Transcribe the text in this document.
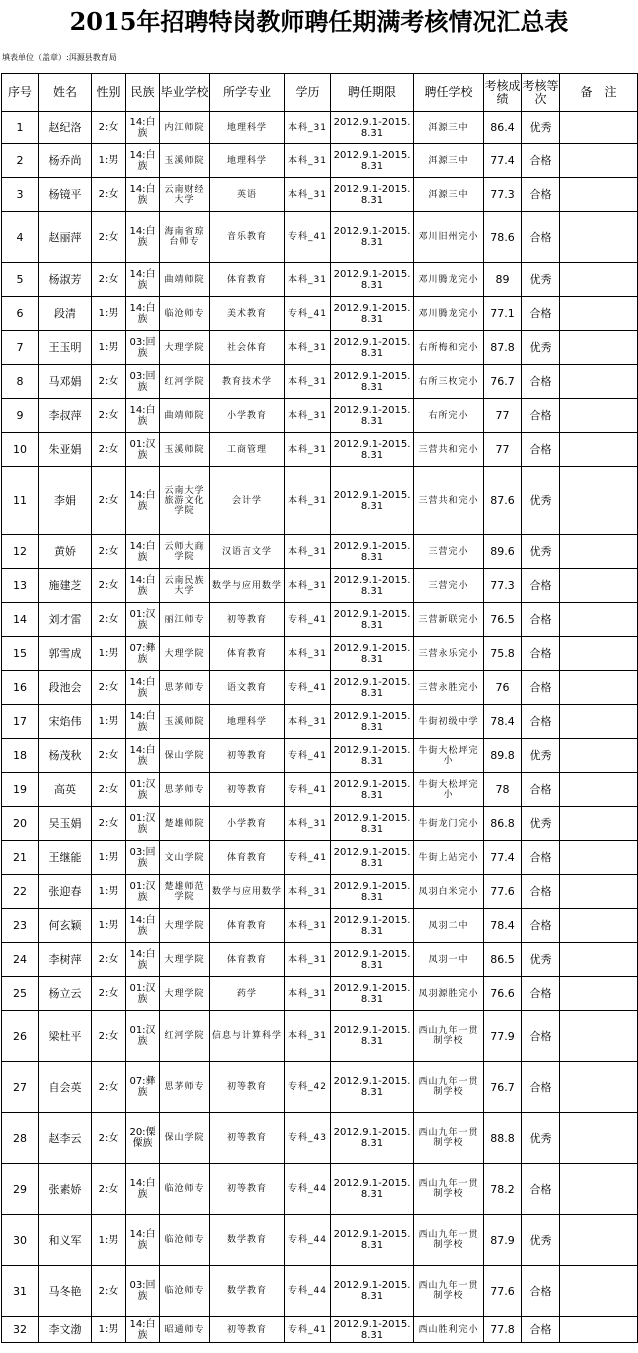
2015年招聘特岗教师聘任期满考核情况汇总表
填表单位（盖章）:洱源县教育局
序号	姓名	性别	民族	毕业学校	所学专业	学历	聘任期限	聘任学校	考核成绩	考核等次	备　注
1	赵纪洛	2:女	14:白族	内江师院	地理科学	本科_31	2012.9.1-2015.8.31	洱源三中	86.4	优秀	
2	杨乔尚	1:男	14:白族	玉溪师院	地理科学	本科_31	2012.9.1-2015.8.31	洱源三中	77.4	合格	
3	杨镜平	2:女	14:白族	云南财经大学	英语	本科_31	2012.9.1-2015.8.31	洱源三中	77.3	合格	
4	赵丽萍	2:女	14:白族	海南省琼台师专	音乐教育	专科_41	2012.9.1-2015.8.31	邓川旧州完小	78.6	合格	
5	杨淑芳	2:女	14:白族	曲靖师院	体育教育	本科_31	2012.9.1-2015.8.31	邓川腾龙完小	89	优秀	
6	段清	1:男	14:白族	临沧师专	美术教育	专科_41	2012.9.1-2015.8.31	邓川腾龙完小	77.1	合格	
7	王玉明	1:男	03:回族	大理学院	社会体育	本科_31	2012.9.1-2015.8.31	右所梅和完小	87.8	优秀	
8	马邓娟	2:女	03:回族	红河学院	教育技术学	本科_31	2012.9.1-2015.8.31	右所三枚完小	76.7	合格	
9	李叔萍	2:女	14:白族	曲靖师院	小学教育	本科_31	2012.9.1-2015.8.31	右所完小	77	合格	
10	朱亚娟	2:女	01:汉族	玉溪师院	工商管理	本科_31	2012.9.1-2015.8.31	三营共和完小	77	合格	
11	李娟	2:女	14:白族	云南大学旅游文化学院	会计学	本科_31	2012.9.1-2015.8.31	三营共和完小	87.6	优秀	
12	黄娇	2:女	14:白族	云师大商学院	汉语言文学	本科_31	2012.9.1-2015.8.31	三营完小	89.6	优秀	
13	施建芝	2:女	14:白族	云南民族大学	数学与应用数学	本科_31	2012.9.1-2015.8.31	三营完小	77.3	合格	
14	刘才雷	2:女	01:汉族	丽江师专	初等教育	专科_41	2012.9.1-2015.8.31	三营新联完小	76.5	合格	
15	郭雪成	1:男	07:彝族	大理学院	体育教育	本科_31	2012.9.1-2015.8.31	三营永乐完小	75.8	合格	
16	段池会	2:女	14:白族	思茅师专	语文教育	专科_41	2012.9.1-2015.8.31	三营永胜完小	76	合格	
17	宋焰伟	1:男	14:白族	玉溪师院	地理科学	本科_31	2012.9.1-2015.8.31	牛街初级中学	78.4	合格	
18	杨茂秋	2:女	14:白族	保山学院	初等教育	专科_41	2012.9.1-2015.8.31	牛街大松坪完小	89.8	优秀	
19	高英	2:女	01:汉族	思茅师专	初等教育	专科_41	2012.9.1-2015.8.31	牛街大松坪完小	78	合格	
20	吴玉娟	2:女	01:汉族	楚雄师院	小学教育	本科_31	2012.9.1-2015.8.31	牛街龙门完小	86.8	优秀	
21	王继能	1:男	03:回族	文山学院	体育教育	专科_41	2012.9.1-2015.8.31	牛街上站完小	77.4	合格	
22	张迎春	1:男	01:汉族	楚雄师范学院	数学与应用数学	本科_31	2012.9.1-2015.8.31	凤羽白米完小	77.6	合格	
23	何玄颖	1:男	14:白族	大理学院	体育教育	本科_31	2012.9.1-2015.8.31	凤羽二中	78.4	合格	
24	李树萍	2:女	14:白族	大理学院	体育教育	本科_31	2012.9.1-2015.8.31	凤羽一中	86.5	优秀	
25	杨立云	2:女	01:汉族	大理学院	药学	本科_31	2012.9.1-2015.8.31	凤羽源胜完小	76.6	合格	
26	梁杜平	2:女	01:汉族	红河学院	信息与计算科学	本科_31	2012.9.1-2015.8.31	西山九年一贯制学校	77.9	合格	
27	自会英	2:女	07:彝族	思茅师专	初等教育	专科_42	2012.9.1-2015.8.31	西山九年一贯制学校	76.7	合格	
28	赵李云	2:女	20:傈僳族	保山学院	初等教育	专科_43	2012.9.1-2015.8.31	西山九年一贯制学校	88.8	优秀	
29	张素娇	2:女	14:白族	临沧师专	初等教育	专科_44	2012.9.1-2015.8.31	西山九年一贯制学校	78.2	合格	
30	和义军	1:男	14:白族	临沧师专	数学教育	专科_44	2012.9.1-2015.8.31	西山九年一贯制学校	87.9	优秀	
31	马冬艳	2:女	03:回族	临沧师专	数学教育	专科_44	2012.9.1-2015.8.31	西山九年一贯制学校	77.6	合格	
32	李文渤	1:男	14:白族	昭通师专	初等教育	专科_41	2012.9.1-2015.8.31	西山胜利完小	77.8	合格	
